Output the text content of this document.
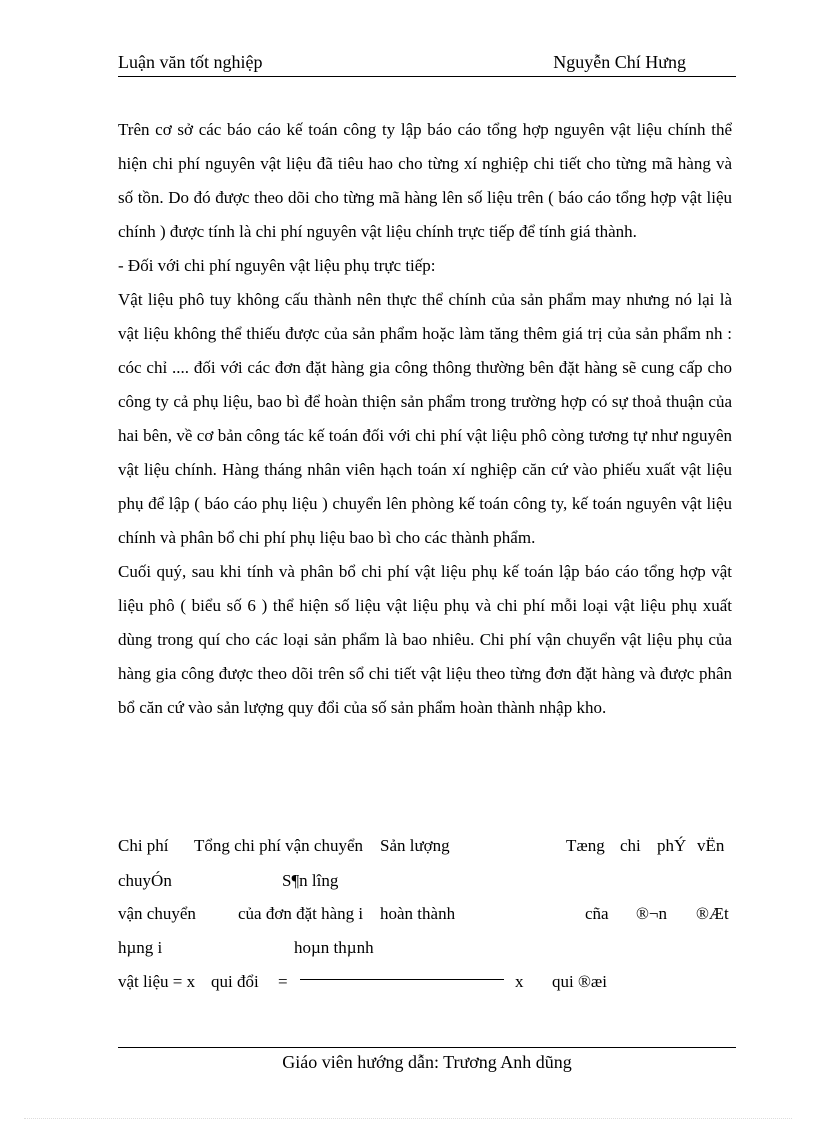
Luận văn tốt nghiệp	Nguyễn Chí Hưng

Trên cơ sở các báo cáo kế toán công ty lập báo cáo tổng hợp nguyên vật liệu chính thể hiện chi phí nguyên vật liệu đã tiêu hao cho từng xí nghiệp chi tiết cho từng mã hàng và số tồn. Do đó được theo dõi cho từng mã hàng lên số liệu trên ( báo cáo tổng hợp vật liệu chính ) được tính là chi phí nguyên vật liệu chính trực tiếp để tính giá thành.

- Đối với chi phí nguyên vật liệu phụ trực tiếp:

Vật liệu phô tuy không cấu thành nên thực thể chính của sản phẩm may nhưng nó lại là vật liệu không thể thiếu được của sản phẩm hoặc làm tăng thêm giá trị của sản phẩm nh : cóc chỉ .... đối với các đơn đặt hàng gia công thông thường bên đặt hàng sẽ cung cấp cho công ty cả phụ liệu, bao bì để hoàn thiện sản phẩm trong trường hợp có sự thoả thuận của hai bên, về cơ bản công tác kế toán đối với chi phí vật liệu phô còng tương tự như nguyên vật liệu chính. Hàng tháng nhân viên hạch toán xí nghiệp căn cứ vào phiếu xuất vật liệu phụ để lập ( báo cáo phụ liệu ) chuyển lên phòng kế toán công ty, kế toán nguyên vật liệu chính và phân bổ chi phí phụ liệu bao bì cho các thành phẩm.

Cuối quý, sau khi tính và phân bổ chi phí vật liệu phụ kế toán lập báo cáo tổng hợp vật liệu phô ( biểu số 6 ) thể hiện số liệu vật liệu phụ và chi phí mỗi loại vật liệu phụ xuất dùng trong quí cho các loại sản phẩm là bao nhiêu. Chi phí vận chuyển vật liệu phụ của hàng gia công được theo dõi trên sổ chi tiết vật liệu theo từng đơn đặt hàng và được phân bổ căn cứ vào sản lượng quy đổi của số sản phẩm hoàn thành nhập kho.

Chi phí Tổng chi phí vận chuyển Sản lượng	Tæng chi phÝ vËn
chuyÓn	S¶n lîng
vận chuyển của đơn đặt hàng i hoàn thành	cña ®¬n ®Æt
hµng i	hoµn thµnh
vật liệu = x qui đổi =	x qui ®æi
Giáo viên hướng dẫn: Trương Anh dũng
